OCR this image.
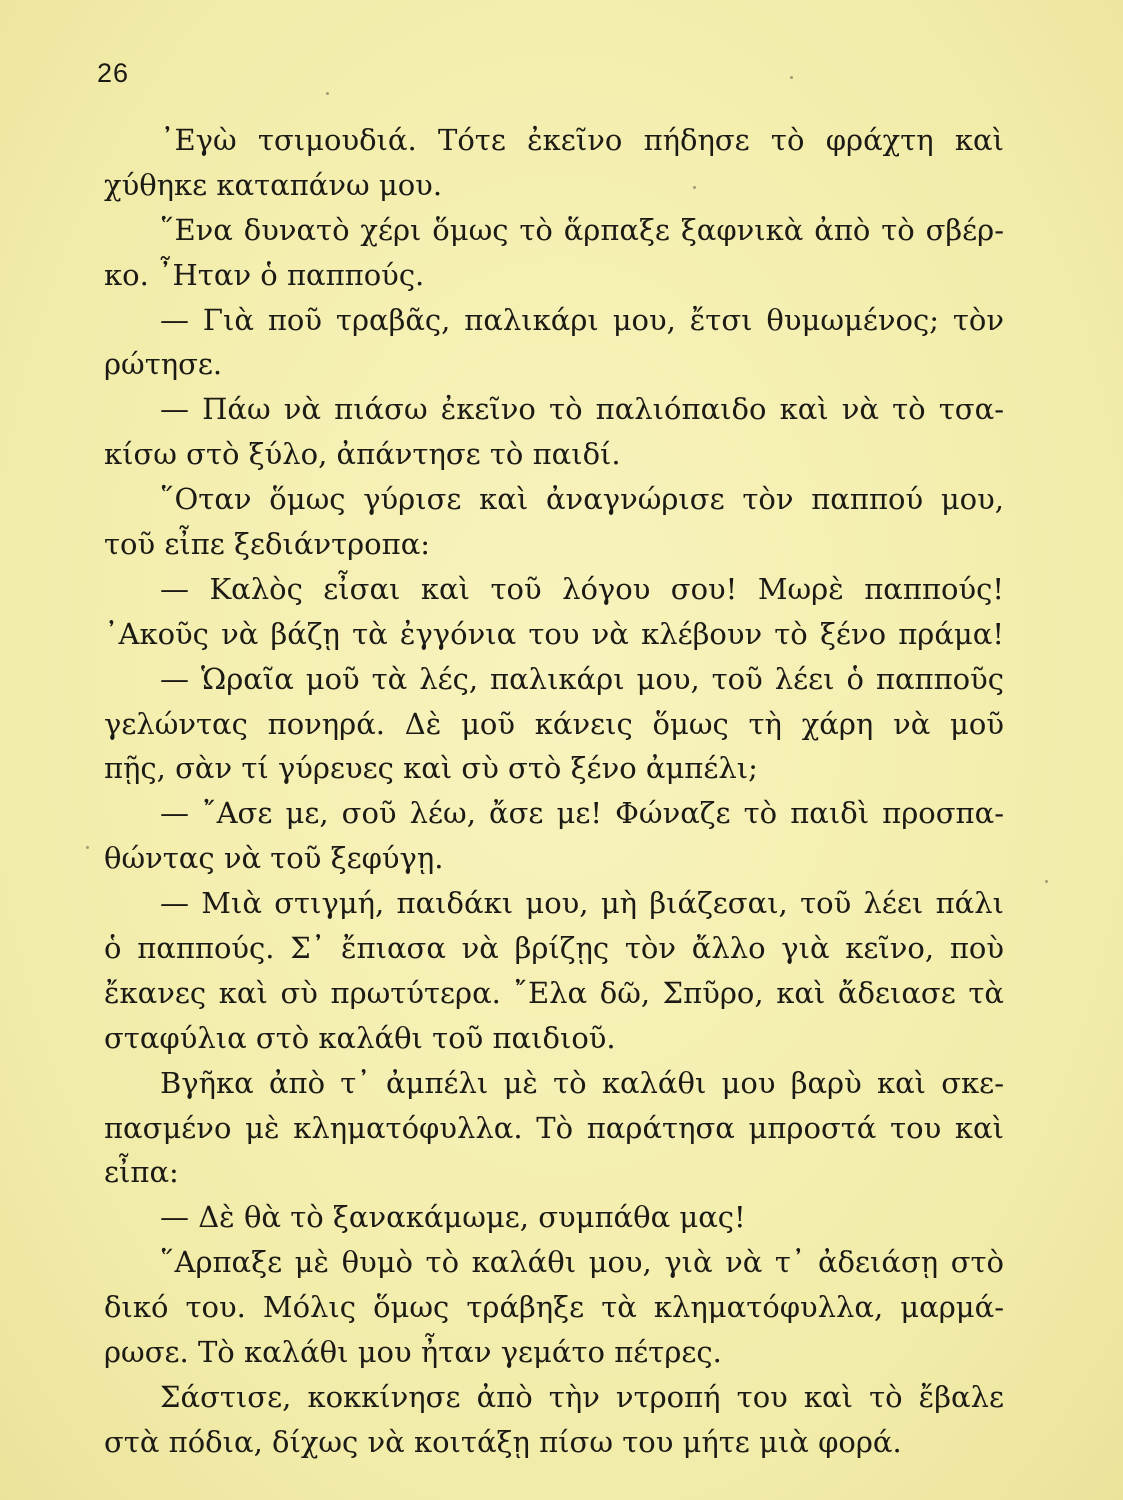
26
᾽Εγὼ τσιμουδιά. Τότε ἐκεῖνο πήδησε τὸ φράχτη καὶ
χύθηκε καταπάνω μου.
῞Ενα δυνατὸ χέρι ὅμως τὸ ἅρπαξε ξαφνικὰ ἀπὸ τὸ σβέρ-
κο. ῏Ηταν ὁ παππούς.
— Γιὰ ποῦ τραβᾶς, παλικάρι μου, ἔτσι θυμωμένος; τὸν
ρώτησε.
— Πάω νὰ πιάσω ἐκεῖνο τὸ παλιόπαιδο καὶ νὰ τὸ τσα-
κίσω στὸ ξύλο, ἀπάντησε τὸ παιδί.
῞Οταν ὅμως γύρισε καὶ ἀναγνώρισε τὸν παππού μου,
τοῦ εἶπε ξεδιάντροπα:
— Καλὸς εἶσαι καὶ τοῦ λόγου σου! Μωρὲ παππούς!
᾽Ακοῦς νὰ βάζῃ τὰ ἐγγόνια του νὰ κλέβουν τὸ ξένο πράμα!
— Ὡραῖα μοῦ τὰ λές, παλικάρι μου, τοῦ λέει ὁ παπποῦς
γελώντας πονηρά. Δὲ μοῦ κάνεις ὅμως τὴ χάρη νὰ μοῦ
πῇς, σὰν τί γύρευες καὶ σὺ στὸ ξένο ἀμπέλι;
— ῎Ασε με, σοῦ λέω, ἄσε με! Φώναζε τὸ παιδὶ προσπα-
θώντας νὰ τοῦ ξεφύγῃ.
— Μιὰ στιγμή, παιδάκι μου, μὴ βιάζεσαι, τοῦ λέει πάλι
ὁ παππούς. Σ᾽ ἔπιασα νὰ βρίζῃς τὸν ἄλλο γιὰ κεῖνο, ποὺ
ἔκανες καὶ σὺ πρωτύτερα. ῎Ελα δῶ, Σπῦρο, καὶ ἄδειασε τὰ
σταφύλια στὸ καλάθι τοῦ παιδιοῦ.
Βγῆκα ἀπὸ τ᾽ ἀμπέλι μὲ τὸ καλάθι μου βαρὺ καὶ σκε-
πασμένο μὲ κληματόφυλλα. Τὸ παράτησα μπροστά του καὶ
εἶπα:
— Δὲ θὰ τὸ ξανακάμωμε, συμπάθα μας!
῞Αρπαξε μὲ θυμὸ τὸ καλάθι μου, γιὰ νὰ τ᾽ ἀδειάσῃ στὸ
δικό του. Μόλις ὅμως τράβηξε τὰ κληματόφυλλα, μαρμά-
ρωσε. Τὸ καλάθι μου ἦταν γεμάτο πέτρες.
Σάστισε, κοκκίνησε ἀπὸ τὴν ντροπή του καὶ τὸ ἔβαλε
στὰ πόδια, δίχως νὰ κοιτάξῃ πίσω του μήτε μιὰ φορά.
